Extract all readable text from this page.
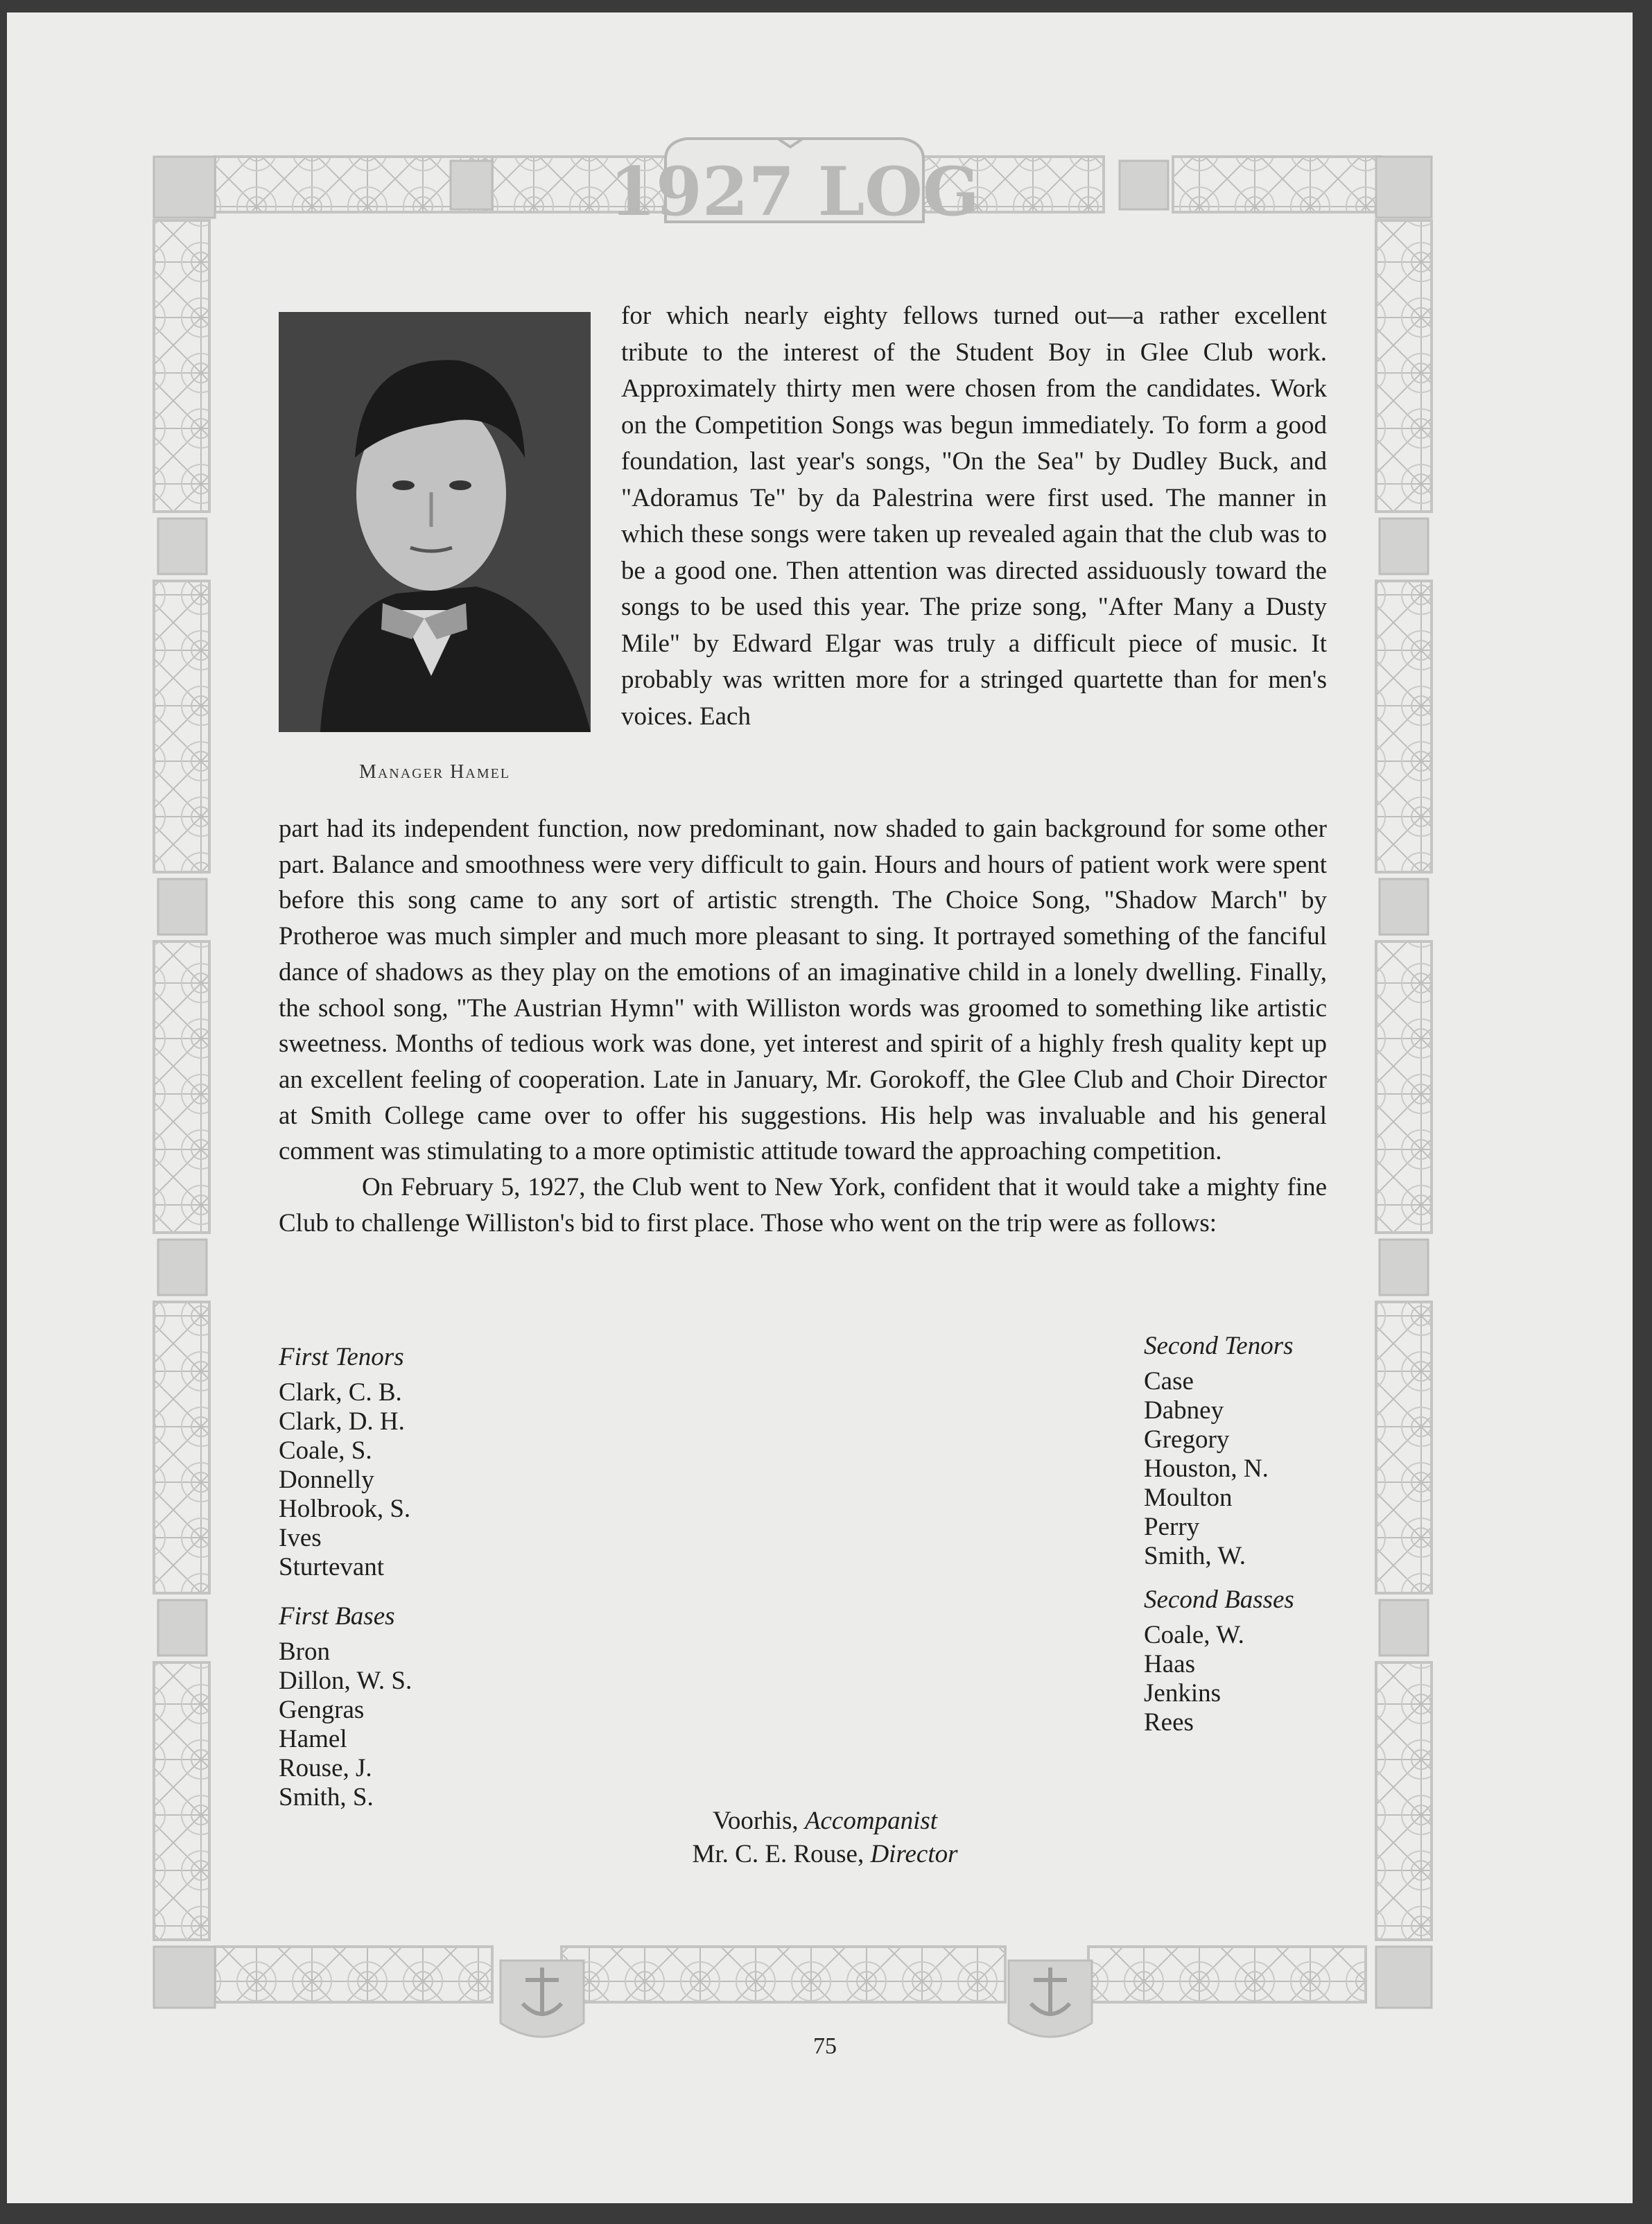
1927 LOG
Manager Hamel

for which nearly eighty fellows turned out—a rather excellent tribute to the interest of the Student Boy in Glee Club work. Approximately thirty men were chosen from the candidates. Work on the Competition Songs was begun immediately. To form a good foundation, last year's songs, "On the Sea" by Dudley Buck, and "Adoramus Te" by da Palestrina were first used. The manner in which these songs were taken up revealed again that the club was to be a good one. Then attention was directed assiduously toward the songs to be used this year. The prize song, "After Many a Dusty Mile" by Edward Elgar was truly a difficult piece of music. It probably was written more for a stringed quartette than for men's voices. Each

part had its independent function, now predominant, now shaded to gain background for some other part. Balance and smoothness were very difficult to gain. Hours and hours of patient work were spent before this song came to any sort of artistic strength. The Choice Song, "Shadow March" by Protheroe was much simpler and much more pleasant to sing. It portrayed something of the fanciful dance of shadows as they play on the emotions of an imaginative child in a lonely dwelling. Finally, the school song, "The Austrian Hymn" with Williston words was groomed to something like artistic sweetness. Months of tedious work was done, yet interest and spirit of a highly fresh quality kept up an excellent feeling of cooperation. Late in January, Mr. Gorokoff, the Glee Club and Choir Director at Smith College came over to offer his suggestions. His help was invaluable and his general comment was stimulating to a more optimistic attitude toward the approaching competition.

On February 5, 1927, the Club went to New York, confident that it would take a mighty fine Club to challenge Williston's bid to first place. Those who went on the trip were as follows:

First Tenors

Clark, C. B.
Clark, D. H.
Coale, S.
Donnelly
Holbrook, S.
Ives
Sturtevant

First Bases

Bron
Dillon, W. S.
Gengras
Hamel
Rouse, J.
Smith, S.

Second Tenors

Case
Dabney
Gregory
Houston, N.
Moulton
Perry
Smith, W.

Second Basses

Coale, W.
Haas
Jenkins
Rees
Voorhis, Accompanist
Mr. C. E. Rouse, Director
75
